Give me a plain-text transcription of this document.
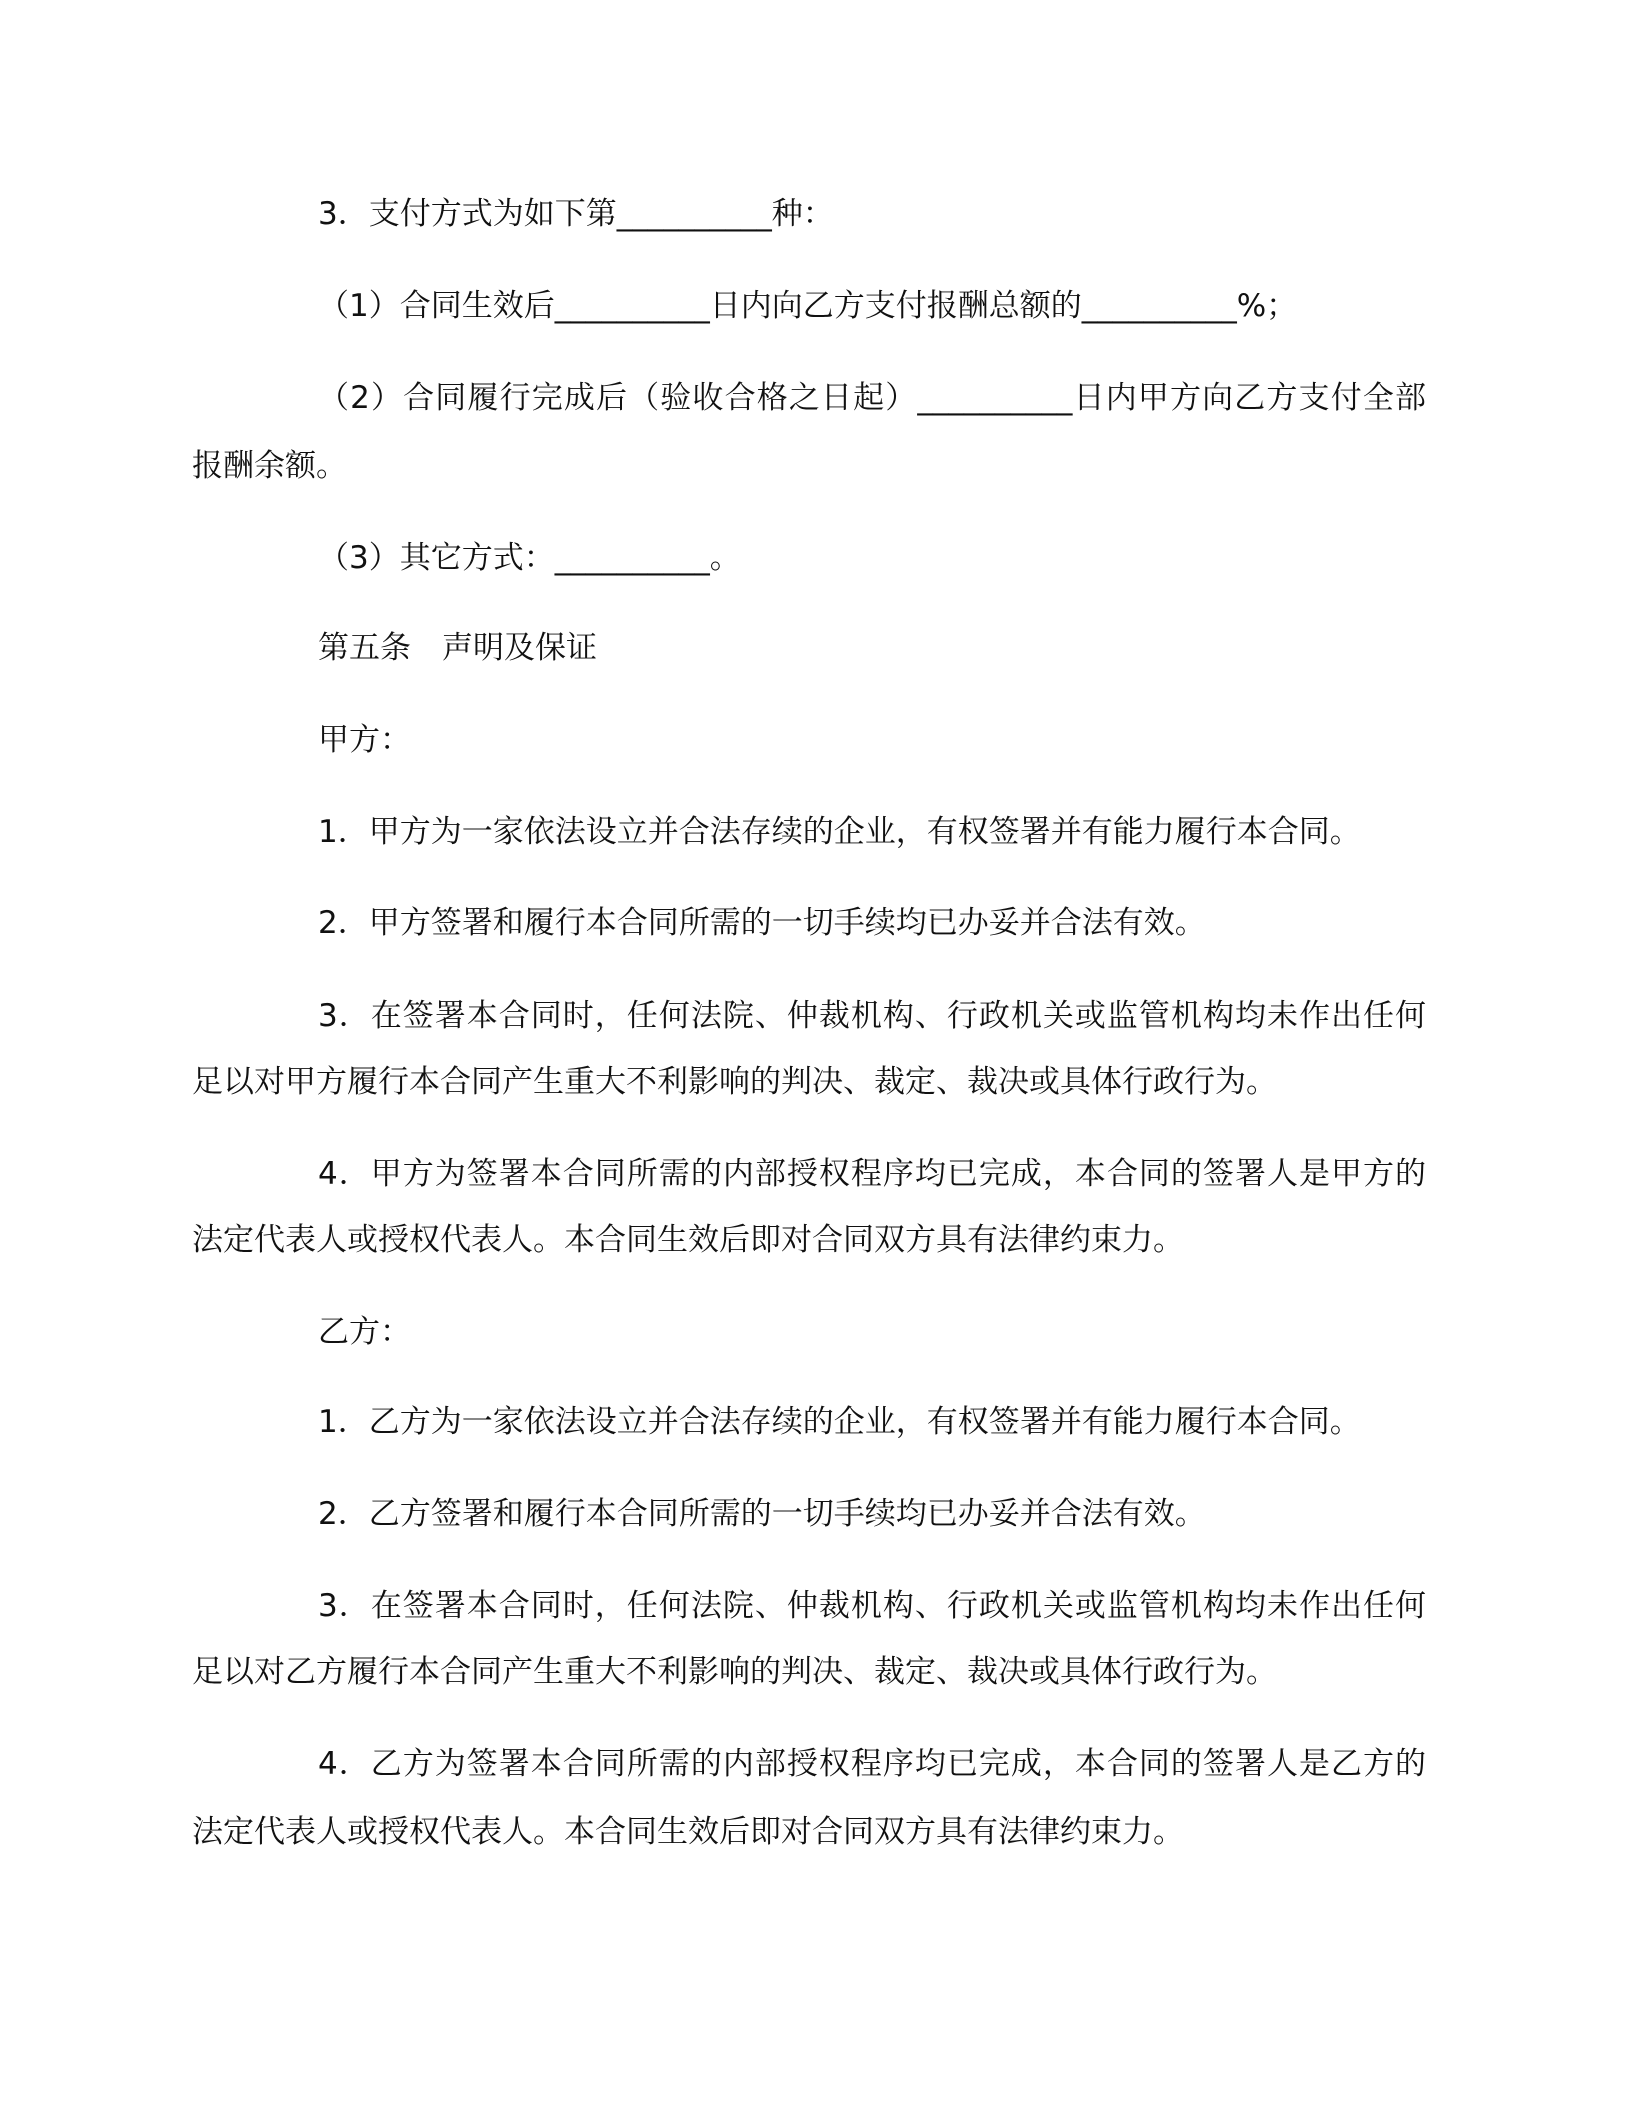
3．支付方式为如下第__________种：
（1）合同生效后__________日内向乙方支付报酬总额的__________%；
（2）合同履行完成后（验收合格之日起）__________日内甲方向乙方支付全部
报酬余额。
（3）其它方式：__________。
第五条　声明及保证
甲方：
1．甲方为一家依法设立并合法存续的企业，有权签署并有能力履行本合同。
2．甲方签署和履行本合同所需的一切手续均已办妥并合法有效。
3．在签署本合同时，任何法院、仲裁机构、行政机关或监管机构均未作出任何
足以对甲方履行本合同产生重大不利影响的判决、裁定、裁决或具体行政行为。
4．甲方为签署本合同所需的内部授权程序均已完成，本合同的签署人是甲方的
法定代表人或授权代表人。本合同生效后即对合同双方具有法律约束力。
乙方：
1．乙方为一家依法设立并合法存续的企业，有权签署并有能力履行本合同。
2．乙方签署和履行本合同所需的一切手续均已办妥并合法有效。
3．在签署本合同时，任何法院、仲裁机构、行政机关或监管机构均未作出任何
足以对乙方履行本合同产生重大不利影响的判决、裁定、裁决或具体行政行为。
4．乙方为签署本合同所需的内部授权程序均已完成，本合同的签署人是乙方的
法定代表人或授权代表人。本合同生效后即对合同双方具有法律约束力。
